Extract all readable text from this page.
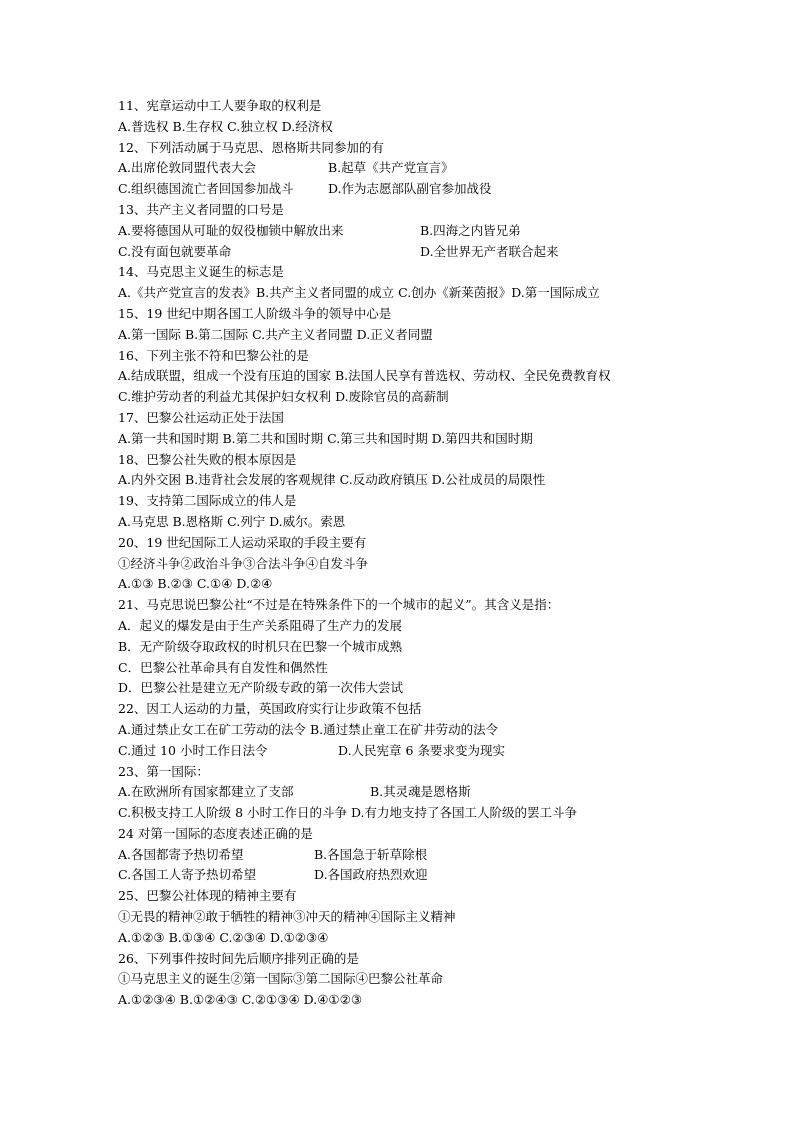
11、宪章运动中工人要争取的权利是
A.普选权 B.生存权 C.独立权 D.经济权
12、下列活动属于马克思、恩格斯共同参加的有
A.出席伦敦同盟代表大会	B.起草《共产党宣言》
C.组织德国流亡者回国参加战斗	D.作为志愿部队副官参加战役
13、共产主义者同盟的口号是
A.要将德国从可耻的奴役枷锁中解放出来	B.四海之内皆兄弟
C.没有面包就要革命	D.全世界无产者联合起来
14、马克思主义诞生的标志是
A.《共产党宣言的发表》B.共产主义者同盟的成立 C.创办《新莱茵报》D.第一国际成立
15、19 世纪中期各国工人阶级斗争的领导中心是
A.第一国际 B.第二国际 C.共产主义者同盟 D.正义者同盟
16、下列主张不符和巴黎公社的是
A.结成联盟，组成一个没有压迫的国家 B.法国人民享有普选权、劳动权、全民免费教育权
C.维护劳动者的利益尤其保护妇女权利 D.废除官员的高薪制
17、巴黎公社运动正处于法国
A.第一共和国时期 B.第二共和国时期 C.第三共和国时期 D.第四共和国时期
18、巴黎公社失败的根本原因是
A.内外交困 B.违背社会发展的客观规律 C.反动政府镇压 D.公社成员的局限性
19、支持第二国际成立的伟人是
A.马克思 B.恩格斯 C.列宁 D.威尔。索恩
20、19 世纪国际工人运动采取的手段主要有
①经济斗争②政治斗争③合法斗争④自发斗争
A.①③ B.②③ C.①④ D.②④
21、马克思说巴黎公社“不过是在特殊条件下的一个城市的起义”。其含义是指：
A．起义的爆发是由于生产关系阻碍了生产力的发展
B．无产阶级夺取政权的时机只在巴黎一个城市成熟
C．巴黎公社革命具有自发性和偶然性
D．巴黎公社是建立无产阶级专政的第一次伟大尝试
22、因工人运动的力量，英国政府实行让步政策不包括
A.通过禁止女工在矿工劳动的法令 B.通过禁止童工在矿井劳动的法令
C.通过 10 小时工作日法令	D.人民宪章 6 条要求变为现实
23、第一国际：
A.在欧洲所有国家都建立了支部	B.其灵魂是恩格斯
C.积极支持工人阶级 8 小时工作日的斗争 D.有力地支持了各国工人阶级的罢工斗争
24 对第一国际的态度表述正确的是
A.各国都寄予热切希望	B.各国急于斩草除根
C.各国工人寄予热切希望	D.各国政府热烈欢迎
25、巴黎公社体现的精神主要有
①无畏的精神②敢于牺牲的精神③冲天的精神④国际主义精神
A.①②③ B.①③④ C.②③④ D.①②③④
26、下列事件按时间先后顺序排列正确的是
①马克思主义的诞生②第一国际③第二国际④巴黎公社革命
A.①②③④ B.①②④③ C.②①③④ D.④①②③
